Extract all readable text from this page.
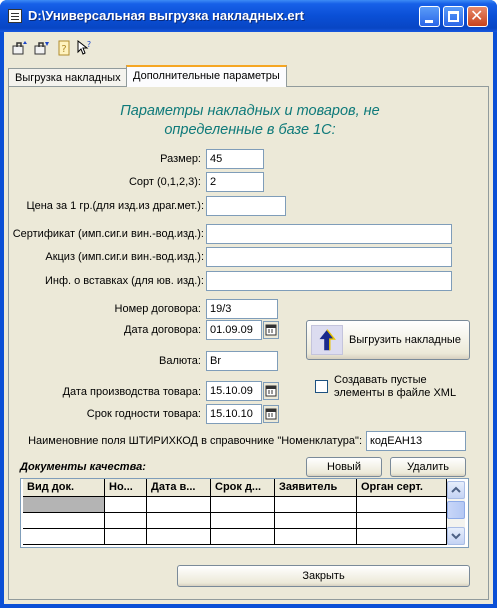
D:\Универсальная выгрузка накладных.ert	✕
?	?
Выгрузка накладных	Дополнительные параметры
Параметры накладных и товаров, не
определенные в базе 1С:
Размер: 45
Сорт (0,1,2,3): 2
Цена за 1 гр.(для изд.из драг.мет.):
Сертификат (имп.сиг.и вин.-вод.изд.):
Акциз (имп.сиг.и вин.-вод.изд.):
Инф. о вставках (для юв. изд.):
Номер договора: 19/3
Дата договора: 01.09.09
Валюта: Br
Дата производства товара: 15.10.09
Срок годности товара: 15.10.10
Выгрузить накладные
Создавать пустые
элементы в файле XML
Наименовние поля ШТИРИХКОД в справочнике "Номенклатура": кодЕАН13
Документы качества:	Новый	Удалить
Вид док.	Но...	Дата в...	Срок д...	Заявитель	Орган серт.
Закрыть
